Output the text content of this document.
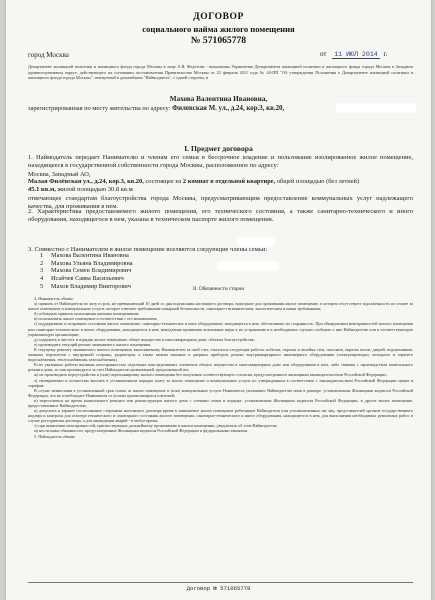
ДОГОВОР
социального найма жилого помещения
№ 571065778
город Москва	от 11 ИЮЛ 2014 г.
Департамент жилищной политики и жилищного фонда города Москвы в лице А.В. Федотова - начальника Управления Департамента жилищной политики и жилищного фонда города Москвы в Западном административном округе, действующего на основании постановления Правительства Москвы от 22 февраля 2011 года № 44-ПП "Об утверждении Положения о Департаменте жилищной политики и жилищного фонда города Москвы", именуемый в дальнейшем "Наймодатель", с одной стороны, и
Махова Валентина Ивановна,
зарегистрированная по месту жительства по адресу: Филевская М. ул., д.24, кор.3, кв.20,
I. Предмет договора
1. Наймодатель передает Нанимателю и членам его семьи в бессрочное владение и пользование изолированное жилое помещение, находящееся в государственной собственности города Москвы, расположенное по адресу:
Москва, Западный АО,
Малая Филёвская ул., д.24, кор.3, кв.20, состоящее из 2 комнат в отдельной квартире, общей площадью (без летней)
45.1 кв.м, жилой площадью 30.8 кв.м
отвечающее стандартам благоустройства города Москвы, предусматривающим предоставление коммунальных услуг надлежащего качества, для проживания в нем.
2. Характеристика предоставляемого жилого помещения, его технического состояния, а также санитарно-технического и иного оборудования, находящегося в нем, указана в техническом паспорте жилого помещения.
3. Совместно с Нанимателем в жилое помещение вселяются следующие члены семьи:
1 Махова Валентина Ивановна
2 Махова Ульяна Владимировна
3 Махова Семен Владимирович
4 Исайчев Савва Васильевич
5 Махов Владимир Викторович	II. Обязанности сторон

4. Наниматель обязан:

а) принять от Наймодателя по акту в срок, не превышающий 10 дней со дня подписания настоящего договора, пригодное для проживания жилое помещение, в котором отсутствуют задолженности по оплате за жилое помещение и коммунальные услуги, которое отвечает требованиям пожарной безопасности, санитарно-гигиеническим, экологическим и иным требованиям;

б) соблюдать правила пользования жилыми помещениями;

в) использовать жилое помещение в соответствии с его назначением;

г) поддерживать в исправном состоянии жилое помещение, санитарно-техническое и иное оборудование, находящееся в нем, обеспечивать их сохранность. При обнаружении неисправностей жилого помещения или санитарно-технического и иного оборудования, находящегося в нем, немедленно принимать возможные меры к их устранению и в необходимых случаях сообщать о них Наймодателю или в соответствующую управляющую организацию;

д) содержать в чистоте и порядке жилое помещение, общее имущество в многоквартирном доме, объекты благоустройства;

е) производить текущий ремонт занимаемого жилого помещения.

К текущему ремонту занимаемого жилого помещения, выполняемому Нанимателем за свой счет, относятся следующие работы: побелка, окраска и оклейка стен, потолков, окраска полов, дверей, подоконников, оконных переплетов с внутренней стороны, радиаторов, а также замена оконных и дверных приборов, ремонт внутриквартирного инженерного оборудования (электропроводки, холодного и горячего водоснабжения, теплоснабжения, газоснабжения).

Если указанные работы вызваны неисправностью отдельных конструктивных элементов общего имущества в многоквартирном доме или оборудования в нем, либо связаны с производством капитального ремонта дома, то они производятся за счет Наймодателя организацией, предложенной им;

ж) не производить переустройство и (или) перепланировку жилого помещения без получения соответствующего согласия, предусмотренного жилищным законодательством Российской Федерации;

з) своевременно и полностью вносить в установленном порядке плату за жилое помещение и коммунальные услуги по утвержденным в соответствии с законодательством Российской Федерации ценам и тарифам.

В случае невнесения в установленный срок платы за жилое помещение и (или) коммунальные услуги Наниматель уплачивает Наймодателю пени в размере, установленном Жилищным кодексом Российской Федерации, что не освобождает Нанимателя от уплаты причитающихся платежей;

и) переселяться на время капитального ремонта или реконструкции жилого дома с членами семьи в порядке, установленном Жилищным кодексом Российской Федерации, в другое жилое помещение, предоставленное Наймодателем;

к) допускать в заранее согласованное сторонами настоящего договора время в занимаемое жилое помещение работников Наймодателя или уполномоченных им лиц, представителей органов государственного надзора и контроля для осмотра технического и санитарного состояния жилого помещения, санитарно-технического и иного оборудования, находящегося в нем, для выполнения необходимых ремонтных работ, в случае расторжения договора, а для ликвидации аварий - в любое время;

л) при выявлении неисправностей, препятствующих дальнейшему проживанию в жилом помещении, уведомлять об этом Наймодателя;

м) нести иные обязанности, предусмотренные Жилищным кодексом Российской Федерации и федеральными законами.

5. Наймодатель обязан:

Договор № 571065778
